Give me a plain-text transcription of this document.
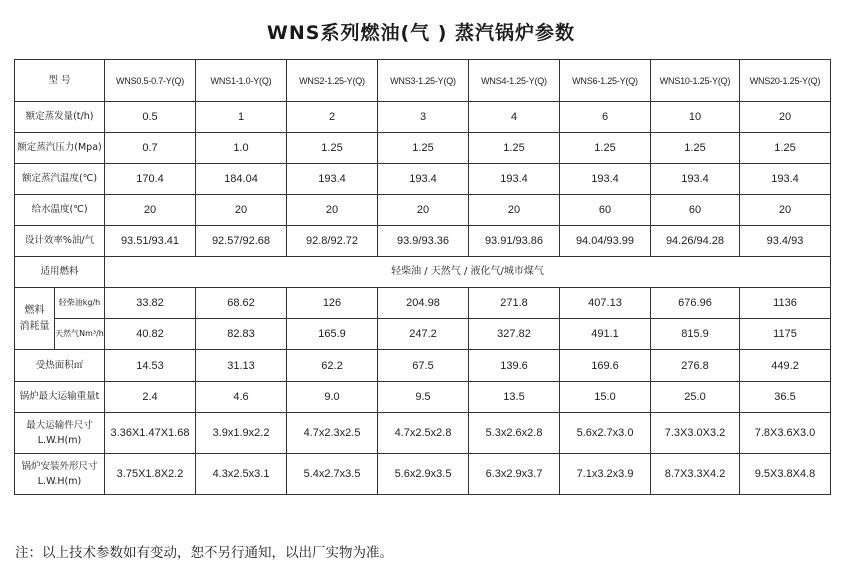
WNS系列燃油(气 ) 蒸汽锅炉参数
型 号		WNS0.5-0.7-Y(Q)	WNS1-1.0-Y(Q)	WNS2-1.25-Y(Q)	WNS3-1.25-Y(Q)	WNS4-1.25-Y(Q)	WNS6-1.25-Y(Q)	WNS10-1.25-Y(Q)	WNS20-1.25-Y(Q)
额定蒸发量(t/h)		0.5	1	2	3	4	6	10	20
额定蒸汽压力(Mpa)		0.7	1.0	1.25	1.25	1.25	1.25	1.25	1.25
额定蒸汽温度(℃)		170.4	184.04	193.4	193.4	193.4	193.4	193.4	193.4
给水温度(℃)		20	20	20	20	20	60	60	20
设计效率%油/气		93.51/93.41	92.57/92.68	92.8/92.72	93.9/93.36	93.91/93.86	94.04/93.99	94.26/94.28	93.4/93
适用燃料		轻柴油 / 天然气 / 液化气/城市煤气							
燃料
消耗量	轻柴油kg/h	33.82	68.62	126	204.98	271.8	407.13	676.96	1136
	天然气Nm³/h	40.82	82.83	165.9	247.2	327.82	491.1	815.9	1175
受热面积㎡		14.53	31.13	62.2	67.5	139.6	169.6	276.8	449.2
锅炉最大运输重量t		2.4	4.6	9.0	9.5	13.5	15.0	25.0	36.5
最大运输件尺寸
L.W.H(m)		3.36X1.47X1.68	3.9x1.9x2.2	4.7x2.3x2.5	4.7x2.5x2.8	5.3x2.6x2.8	5.6x2.7x3.0	7.3X3.0X3.2	7.8X3.6X3.0
锅炉安装外形尺寸
L.W.H(m)		3.75X1.8X2.2	4.3x2.5x3.1	5.4x2.7x3.5	5.6x2.9x3.5	6.3x2.9x3.7	7.1x3.2x3.9	8.7X3.3X4.2	9.5X3.8X4.8
注：以上技术参数如有变动，恕不另行通知，以出厂实物为准。
